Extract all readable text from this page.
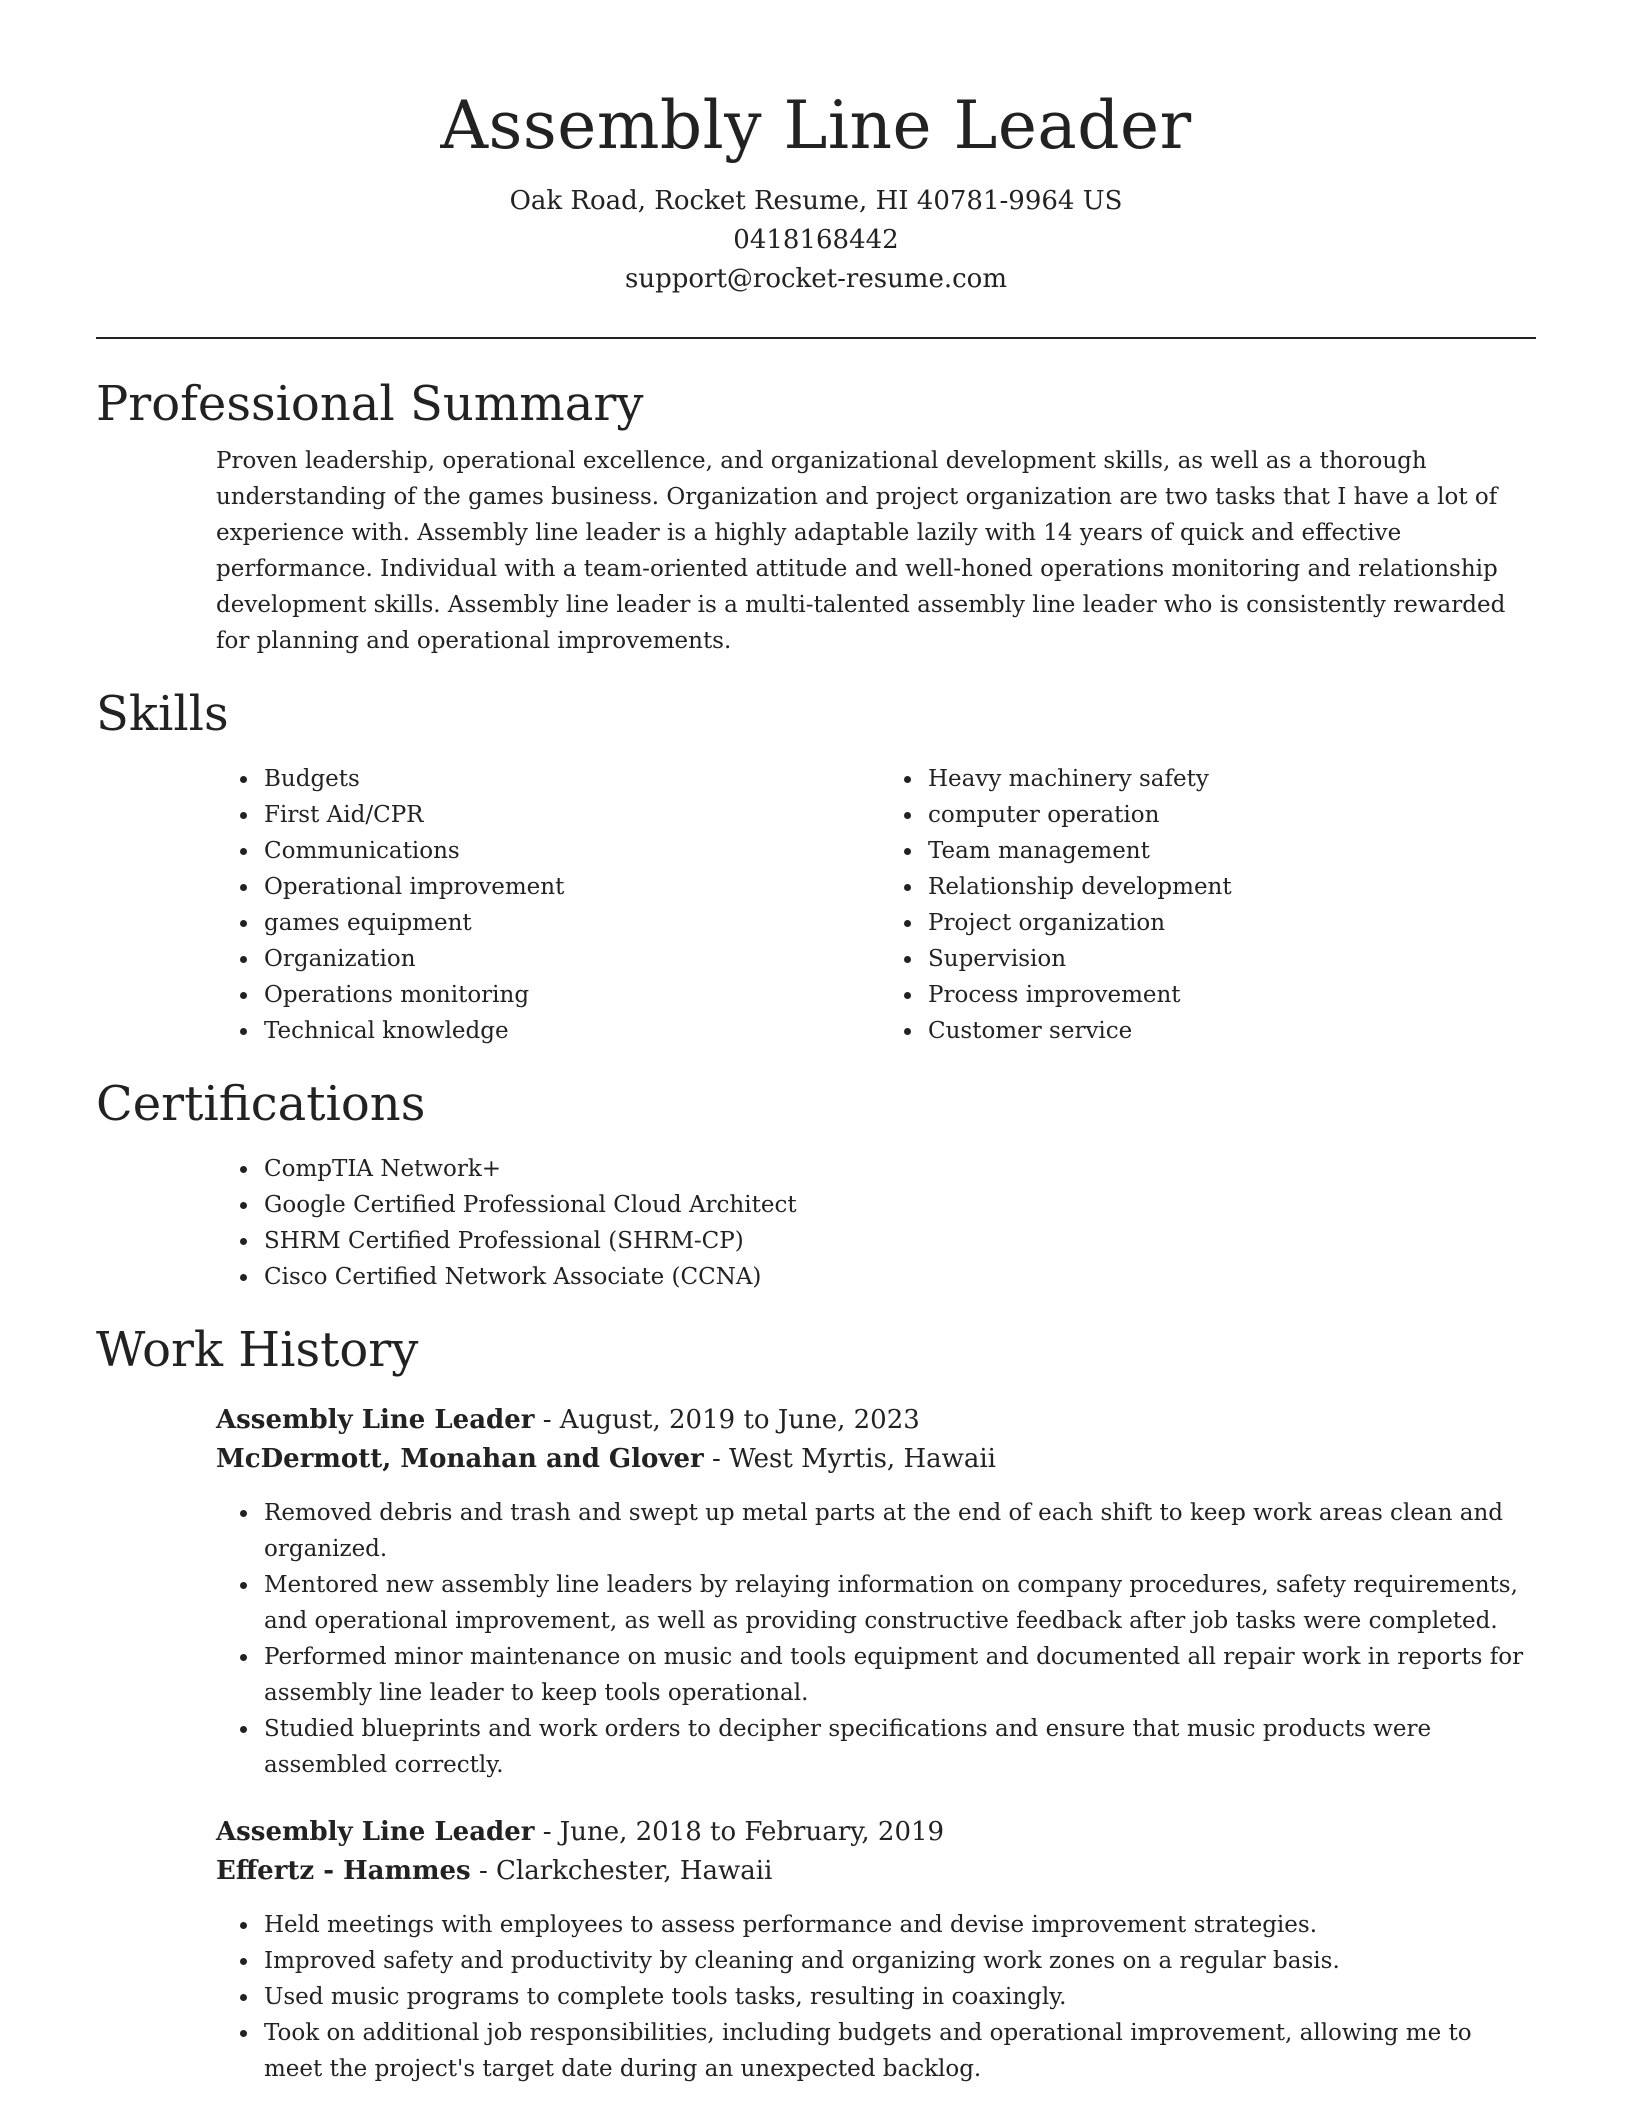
Assembly Line Leader

Oak Road, Rocket Resume, HI 40781-9964 US

0418168442

support@rocket-resume.com

Professional Summary

Proven leadership, operational excellence, and organizational development skills, as well as a thorough understanding of the games business. Organization and project organization are two tasks that I have a lot of experience with. Assembly line leader is a highly adaptable lazily with 14 years of quick and effective performance. Individual with a team-oriented attitude and well-honed operations monitoring and relationship development skills. Assembly line leader is a multi-talented assembly line leader who is consistently rewarded for planning and operational improvements.

Skills
• Budgets
• First Aid/CPR
• Communications
• Operational improvement
• games equipment
• Organization
• Operations monitoring
• Technical knowledge
• Heavy machinery safety
• computer operation
• Team management
• Relationship development
• Project organization
• Supervision
• Process improvement
• Customer service
Certifications
• CompTIA Network+
• Google Certified Professional Cloud Architect
• SHRM Certified Professional (SHRM-CP)
• Cisco Certified Network Associate (CCNA)
Work History

Assembly Line Leader - August, 2019 to June, 2023

McDermott, Monahan and Glover - West Myrtis, Hawaii

• Removed debris and trash and swept up metal parts at the end of each shift to keep work areas clean and organized.
• Mentored new assembly line leaders by relaying information on company procedures, safety requirements, and operational improvement, as well as providing constructive feedback after job tasks were completed.
• Performed minor maintenance on music and tools equipment and documented all repair work in reports for assembly line leader to keep tools operational.
• Studied blueprints and work orders to decipher specifications and ensure that music products were assembled correctly.

Assembly Line Leader - June, 2018 to February, 2019

Effertz - Hammes - Clarkchester, Hawaii

• Held meetings with employees to assess performance and devise improvement strategies.
• Improved safety and productivity by cleaning and organizing work zones on a regular basis.
• Used music programs to complete tools tasks, resulting in coaxingly.
• Took on additional job responsibilities, including budgets and operational improvement, allowing me to meet the project's target date during an unexpected backlog.
